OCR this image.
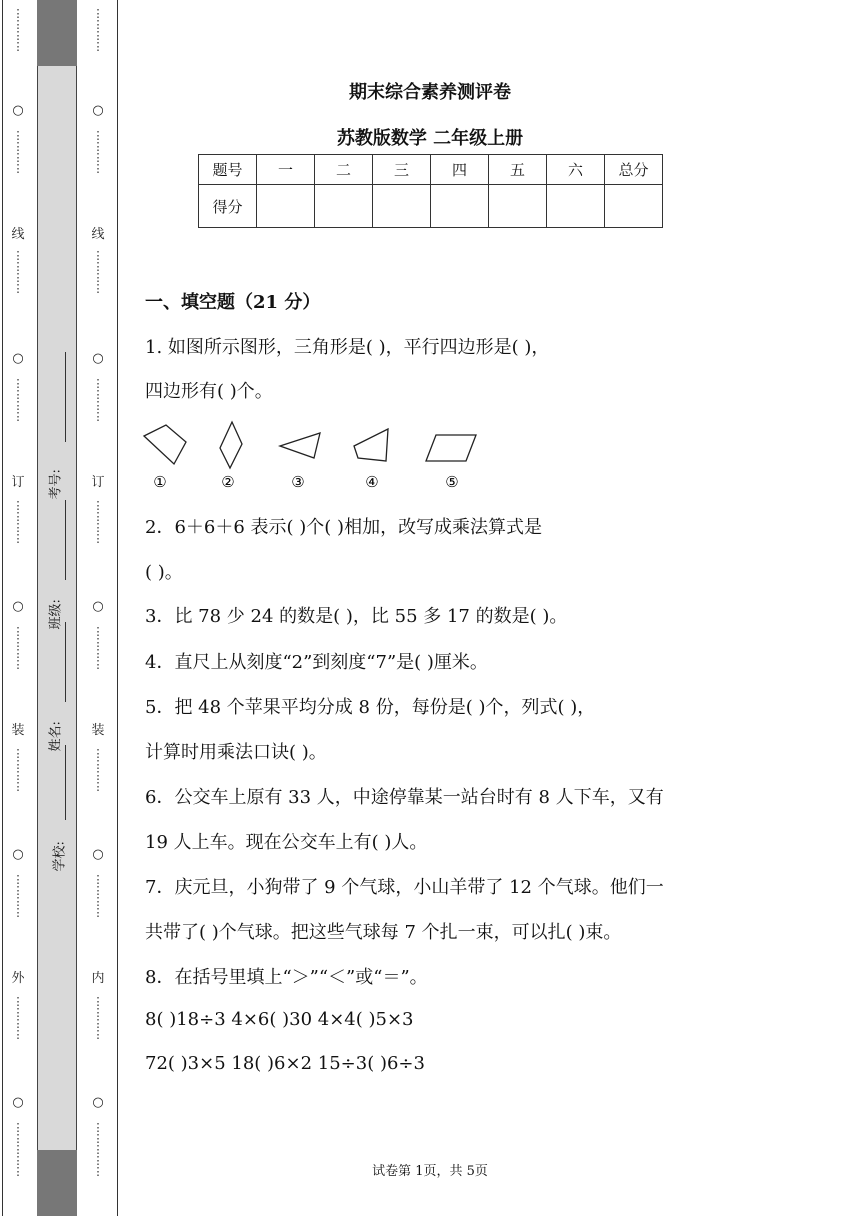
⋮
⋮
⋮
⋮
○
⋮
⋮
⋮
⋮
线
⋮
⋮
⋮
⋮
○
⋮
⋮
⋮
⋮
订
⋮
⋮
⋮
⋮
○
⋮
⋮
⋮
⋮
装
⋮
⋮
⋮
⋮
○
⋮
⋮
⋮
⋮
外
⋮
⋮
⋮
⋮
○
⋮
⋮
⋮
⋮
⋮
⋮
⋮
⋮
⋮
○
⋮
⋮
⋮
⋮
线
⋮
⋮
⋮
⋮
○
⋮
⋮
⋮
⋮
订
⋮
⋮
⋮
⋮
○
⋮
⋮
⋮
⋮
装
⋮
⋮
⋮
⋮
○
⋮
⋮
⋮
⋮
内
⋮
⋮
⋮
⋮
○
⋮
⋮
⋮
⋮
⋮
学校:
姓名:
班级:
考号:
期末综合素养测评卷
苏教版数学 二年级上册
题号	一	二	三	四	五	六	总分
得分							
一、填空题（21 分）
1. 如图所示图形，三角形是( )，平行四边形是( )，
四边形有( )个。
①	②	③	④	⑤
2．6＋6＋6 表示( )个( )相加，改写成乘法算式是
( )。
3．比 78 少 24 的数是( )，比 55 多 17 的数是( )。
4．直尺上从刻度“2”到刻度“7”是( )厘米。
5．把 48 个苹果平均分成 8 份，每份是( )个，列式( )，
计算时用乘法口诀( )。
6．公交车上原有 33 人，中途停靠某一站台时有 8 人下车，又有
19 人上车。现在公交车上有( )人。
7．庆元旦，小狗带了 9 个气球，小山羊带了 12 个气球。他们一
共带了( )个气球。把这些气球每 7 个扎一束，可以扎( )束。
8．在括号里填上“＞”“＜”或“＝”。
8( )18÷3 4×6( )30 4×4( )5×3
72( )3×5 18( )6×2 15÷3( )6÷3
试卷第 1页，共 5页
